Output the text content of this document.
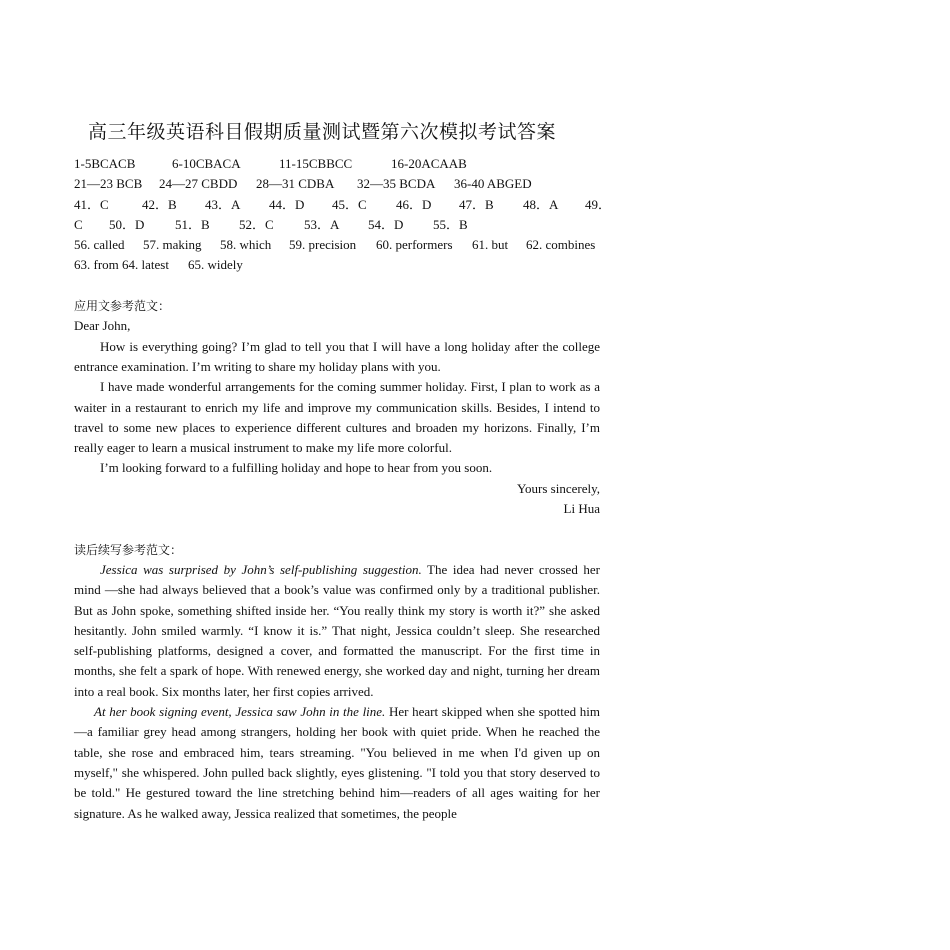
高三年级英语科目假期质量测试暨第六次模拟考试答案
1-5BCACB	6-10CBACA	11-15CBBCC	16-20ACAAB
21—23 BCB 24—27 CBDD 28—31 CDBA 32—35 BCDA 36-40 ABGED
41．C	42．B 43．A 44．D 45．C 46．D 47．B 48．A 49．
C 50．D 51．B 52．C 53．A 54．D 55．B
56. called 57. making 58. which 59. precision 60. performers 61. but 62. combines
63. from 64. latest 65. widely
应用文参考范文：
Dear John,

How is everything going? I’m glad to tell you that I will have a long holiday after the college entrance examination. I’m writing to share my holiday plans with you.

I have made wonderful arrangements for the coming summer holiday. First, I plan to work as a waiter in a restaurant to enrich my life and improve my communication skills. Besides, I intend to travel to some new places to experience different cultures and broaden my horizons. Finally, I’m really eager to learn a musical instrument to make my life more colorful.

I’m looking forward to a fulfilling holiday and hope to hear from you soon.

Yours sincerely,
Li Hua
读后续写参考范文：

Jessica was surprised by John’s self-publishing suggestion. The idea had never crossed her mind —she had always believed that a book’s value was confirmed only by a traditional publisher. But as John spoke, something shifted inside her. “You really think my story is worth it?” she asked hesitantly. John smiled warmly. “I know it is.” That night, Jessica couldn’t sleep. She researched self-publishing platforms, designed a cover, and formatted the manuscript. For the first time in months, she felt a spark of hope. With renewed energy, she worked day and night, turning her dream into a real book. Six months later, her first copies arrived.

At her book signing event, Jessica saw John in the line. Her heart skipped when she spotted him —a familiar grey head among strangers, holding her book with quiet pride. When he reached the table, she rose and embraced him, tears streaming. "You believed in me when I'd given up on myself," she whispered. John pulled back slightly, eyes glistening. "I told you that story deserved to be told." He gestured toward the line stretching behind him—readers of all ages waiting for her signature. As he walked away, Jessica realized that sometimes, the people
